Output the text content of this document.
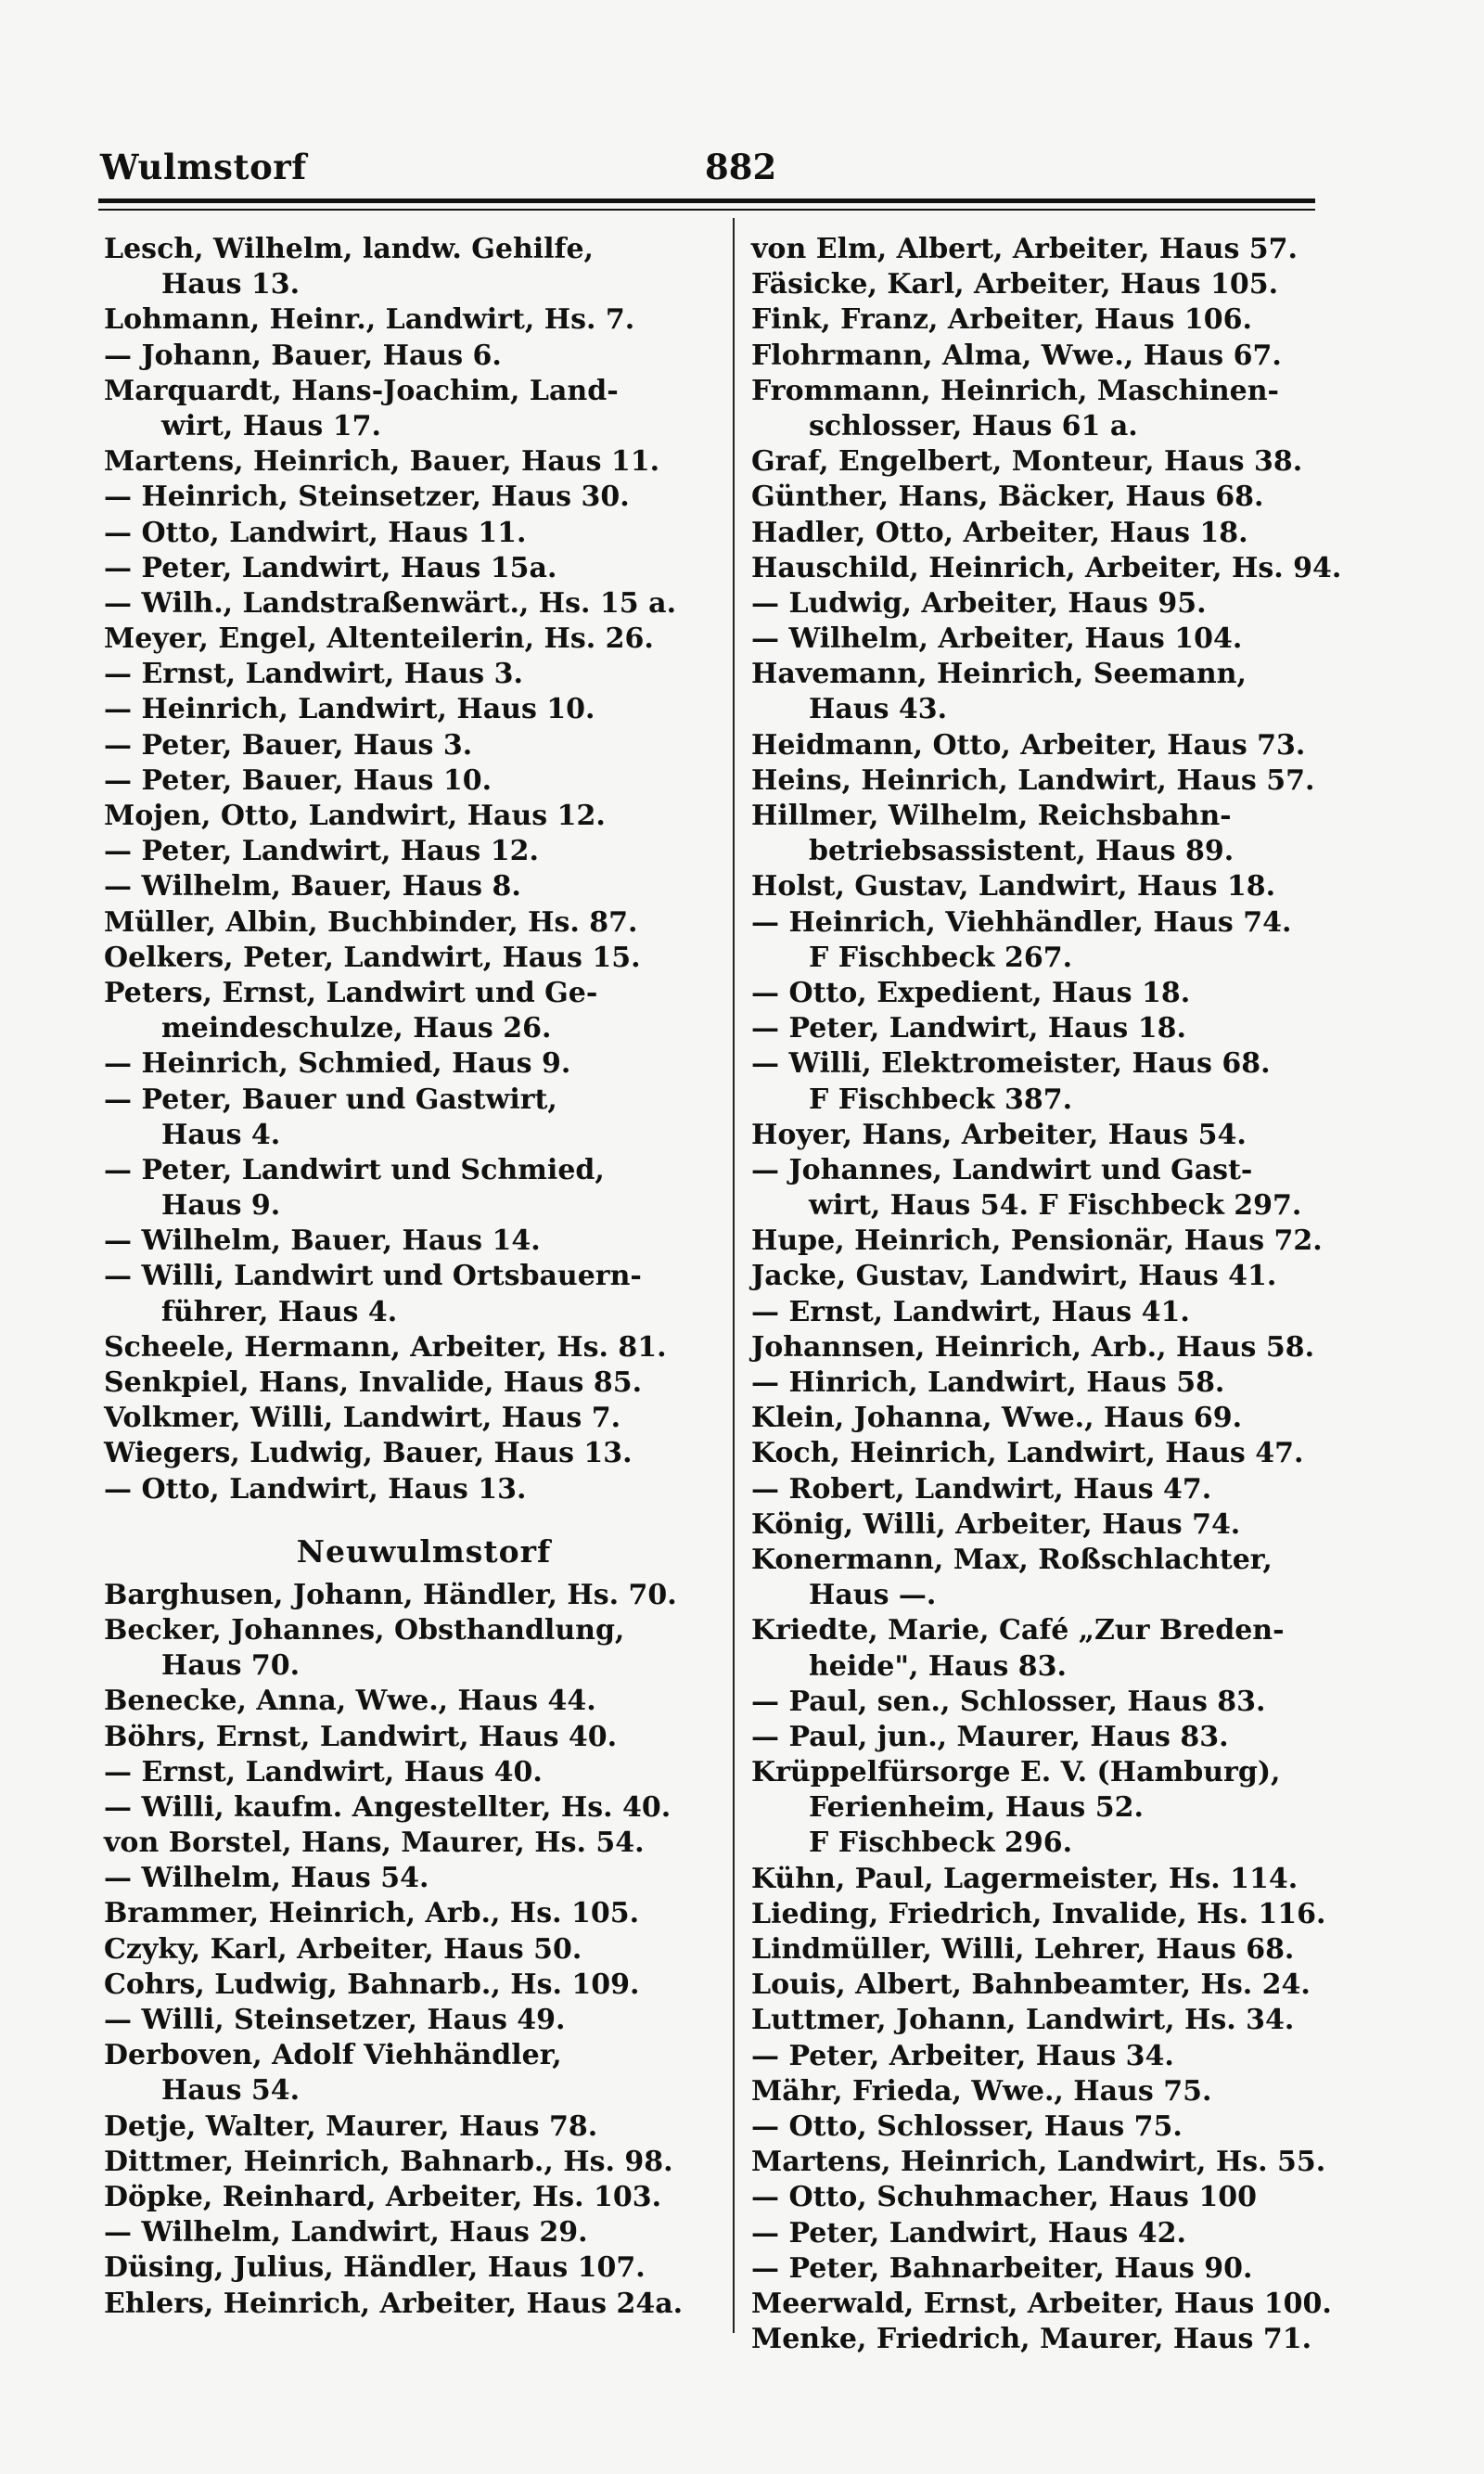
Wulmstorf	882
Lesch, Wilhelm, landw. Gehilfe,
Haus 13.
Lohmann, Heinr., Landwirt, Hs. 7.
— Johann, Bauer, Haus 6.
Marquardt, Hans-Joachim, Land-
wirt, Haus 17.
Martens, Heinrich, Bauer, Haus 11.
— Heinrich, Steinsetzer, Haus 30.
— Otto, Landwirt, Haus 11.
— Peter, Landwirt, Haus 15a.
— Wilh., Landstraßenwärt., Hs. 15 a.
Meyer, Engel, Altenteilerin, Hs. 26.
— Ernst, Landwirt, Haus 3.
— Heinrich, Landwirt, Haus 10.
— Peter, Bauer, Haus 3.
— Peter, Bauer, Haus 10.
Mojen, Otto, Landwirt, Haus 12.
— Peter, Landwirt, Haus 12.
— Wilhelm, Bauer, Haus 8.
Müller, Albin, Buchbinder, Hs. 87.
Oelkers, Peter, Landwirt, Haus 15.
Peters, Ernst, Landwirt und Ge-
meindeschulze, Haus 26.
— Heinrich, Schmied, Haus 9.
— Peter, Bauer und Gastwirt,
Haus 4.
— Peter, Landwirt und Schmied,
Haus 9.
— Wilhelm, Bauer, Haus 14.
— Willi, Landwirt und Ortsbauern-
führer, Haus 4.
Scheele, Hermann, Arbeiter, Hs. 81.
Senkpiel, Hans, Invalide, Haus 85.
Volkmer, Willi, Landwirt, Haus 7.
Wiegers, Ludwig, Bauer, Haus 13.
— Otto, Landwirt, Haus 13.
Neuwulmstorf
Barghusen, Johann, Händler, Hs. 70.
Becker, Johannes, Obsthandlung,
Haus 70.
Benecke, Anna, Wwe., Haus 44.
Böhrs, Ernst, Landwirt, Haus 40.
— Ernst, Landwirt, Haus 40.
— Willi, kaufm. Angestellter, Hs. 40.
von Borstel, Hans, Maurer, Hs. 54.
— Wilhelm, Haus 54.
Brammer, Heinrich, Arb., Hs. 105.
Czyky, Karl, Arbeiter, Haus 50.
Cohrs, Ludwig, Bahnarb., Hs. 109.
— Willi, Steinsetzer, Haus 49.
Derboven, Adolf Viehhändler,
Haus 54.
Detje, Walter, Maurer, Haus 78.
Dittmer, Heinrich, Bahnarb., Hs. 98.
Döpke, Reinhard, Arbeiter, Hs. 103.
— Wilhelm, Landwirt, Haus 29.
Düsing, Julius, Händler, Haus 107.
Ehlers, Heinrich, Arbeiter, Haus 24a.
von Elm, Albert, Arbeiter, Haus 57.
Fäsicke, Karl, Arbeiter, Haus 105.
Fink, Franz, Arbeiter, Haus 106.
Flohrmann, Alma, Wwe., Haus 67.
Frommann, Heinrich, Maschinen-
schlosser, Haus 61 a.
Graf, Engelbert, Monteur, Haus 38.
Günther, Hans, Bäcker, Haus 68.
Hadler, Otto, Arbeiter, Haus 18.
Hauschild, Heinrich, Arbeiter, Hs. 94.
— Ludwig, Arbeiter, Haus 95.
— Wilhelm, Arbeiter, Haus 104.
Havemann, Heinrich, Seemann,
Haus 43.
Heidmann, Otto, Arbeiter, Haus 73.
Heins, Heinrich, Landwirt, Haus 57.
Hillmer, Wilhelm, Reichsbahn-
betriebsassistent, Haus 89.
Holst, Gustav, Landwirt, Haus 18.
— Heinrich, Viehhändler, Haus 74.
F Fischbeck 267.
— Otto, Expedient, Haus 18.
— Peter, Landwirt, Haus 18.
— Willi, Elektromeister, Haus 68.
F Fischbeck 387.
Hoyer, Hans, Arbeiter, Haus 54.
— Johannes, Landwirt und Gast-
wirt, Haus 54. F Fischbeck 297.
Hupe, Heinrich, Pensionär, Haus 72.
Jacke, Gustav, Landwirt, Haus 41.
— Ernst, Landwirt, Haus 41.
Johannsen, Heinrich, Arb., Haus 58.
— Hinrich, Landwirt, Haus 58.
Klein, Johanna, Wwe., Haus 69.
Koch, Heinrich, Landwirt, Haus 47.
— Robert, Landwirt, Haus 47.
König, Willi, Arbeiter, Haus 74.
Konermann, Max, Roßschlachter,
Haus —.
Kriedte, Marie, Café „Zur Breden-
heide", Haus 83.
— Paul, sen., Schlosser, Haus 83.
— Paul, jun., Maurer, Haus 83.
Krüppelfürsorge E. V. (Hamburg),
Ferienheim, Haus 52.
F Fischbeck 296.
Kühn, Paul, Lagermeister, Hs. 114.
Lieding, Friedrich, Invalide, Hs. 116.
Lindmüller, Willi, Lehrer, Haus 68.
Louis, Albert, Bahnbeamter, Hs. 24.
Luttmer, Johann, Landwirt, Hs. 34.
— Peter, Arbeiter, Haus 34.
Mähr, Frieda, Wwe., Haus 75.
— Otto, Schlosser, Haus 75.
Martens, Heinrich, Landwirt, Hs. 55.
— Otto, Schuhmacher, Haus 100
— Peter, Landwirt, Haus 42.
— Peter, Bahnarbeiter, Haus 90.
Meerwald, Ernst, Arbeiter, Haus 100.
Menke, Friedrich, Maurer, Haus 71.
